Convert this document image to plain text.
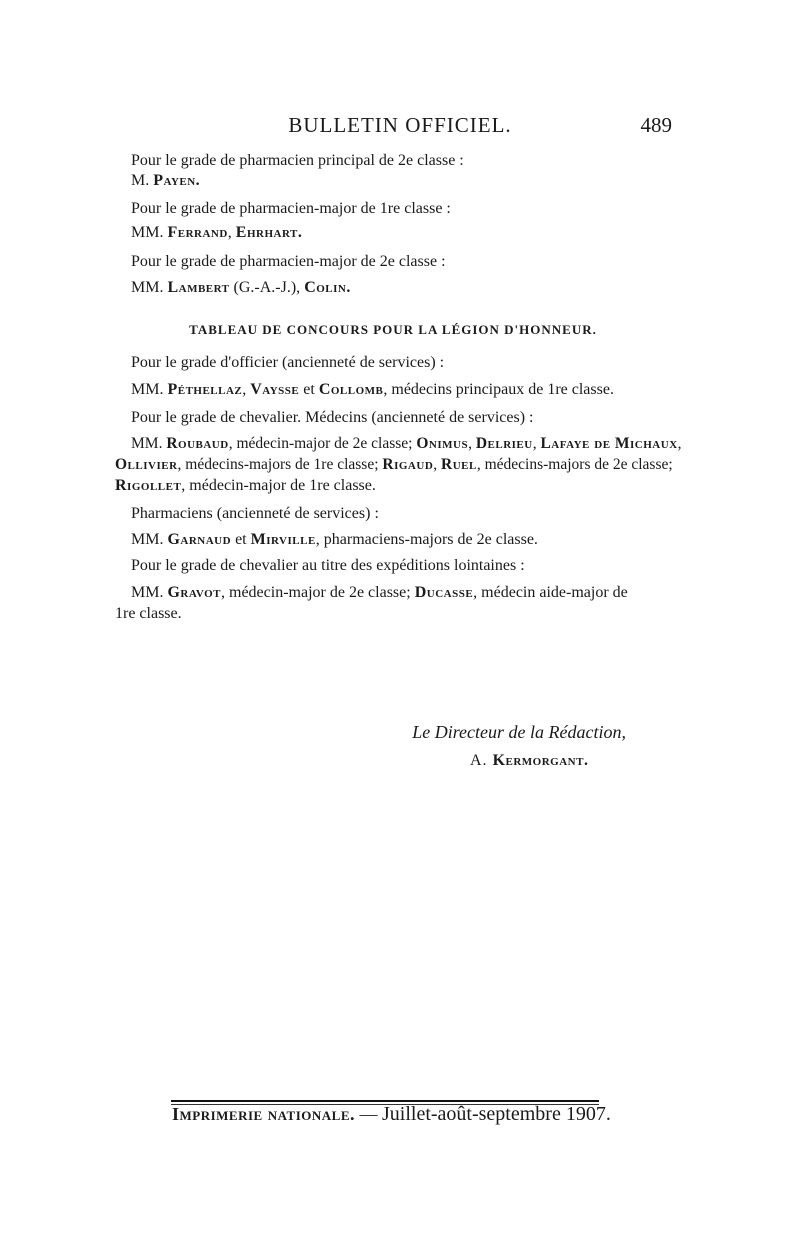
BULLETIN OFFICIEL.	489
Pour le grade de pharmacien principal de 2e classe :
M. Payen.
Pour le grade de pharmacien-major de 1re classe :
MM. Ferrand, Ehrhart.
Pour le grade de pharmacien-major de 2e classe :
MM. Lambert (G.-A.-J.), Colin.
TABLEAU DE CONCOURS POUR LA LÉGION D'HONNEUR.
Pour le grade d'officier (ancienneté de services) :
MM. Péthellaz, Vaysse et Collomb, médecins principaux de 1re classe.
Pour le grade de chevalier. Médecins (ancienneté de services) :
MM. Roubaud, médecin-major de 2e classe; Onimus, Delrieu, Lafaye de Michaux,
Ollivier, médecins-majors de 1re classe; Rigaud, Ruel, médecins-majors de 2e classe;
Rigollet, médecin-major de 1re classe.
Pharmaciens (ancienneté de services) :
MM. Garnaud et Mirville, pharmaciens-majors de 2e classe.
Pour le grade de chevalier au titre des expéditions lointaines :
MM. Gravot, médecin-major de 2e classe; Ducasse, médecin aide-major de
1re classe.
Le Directeur de la Rédaction,
A. Kermorgant.
Imprimerie nationale. — Juillet-août-septembre 1907.
